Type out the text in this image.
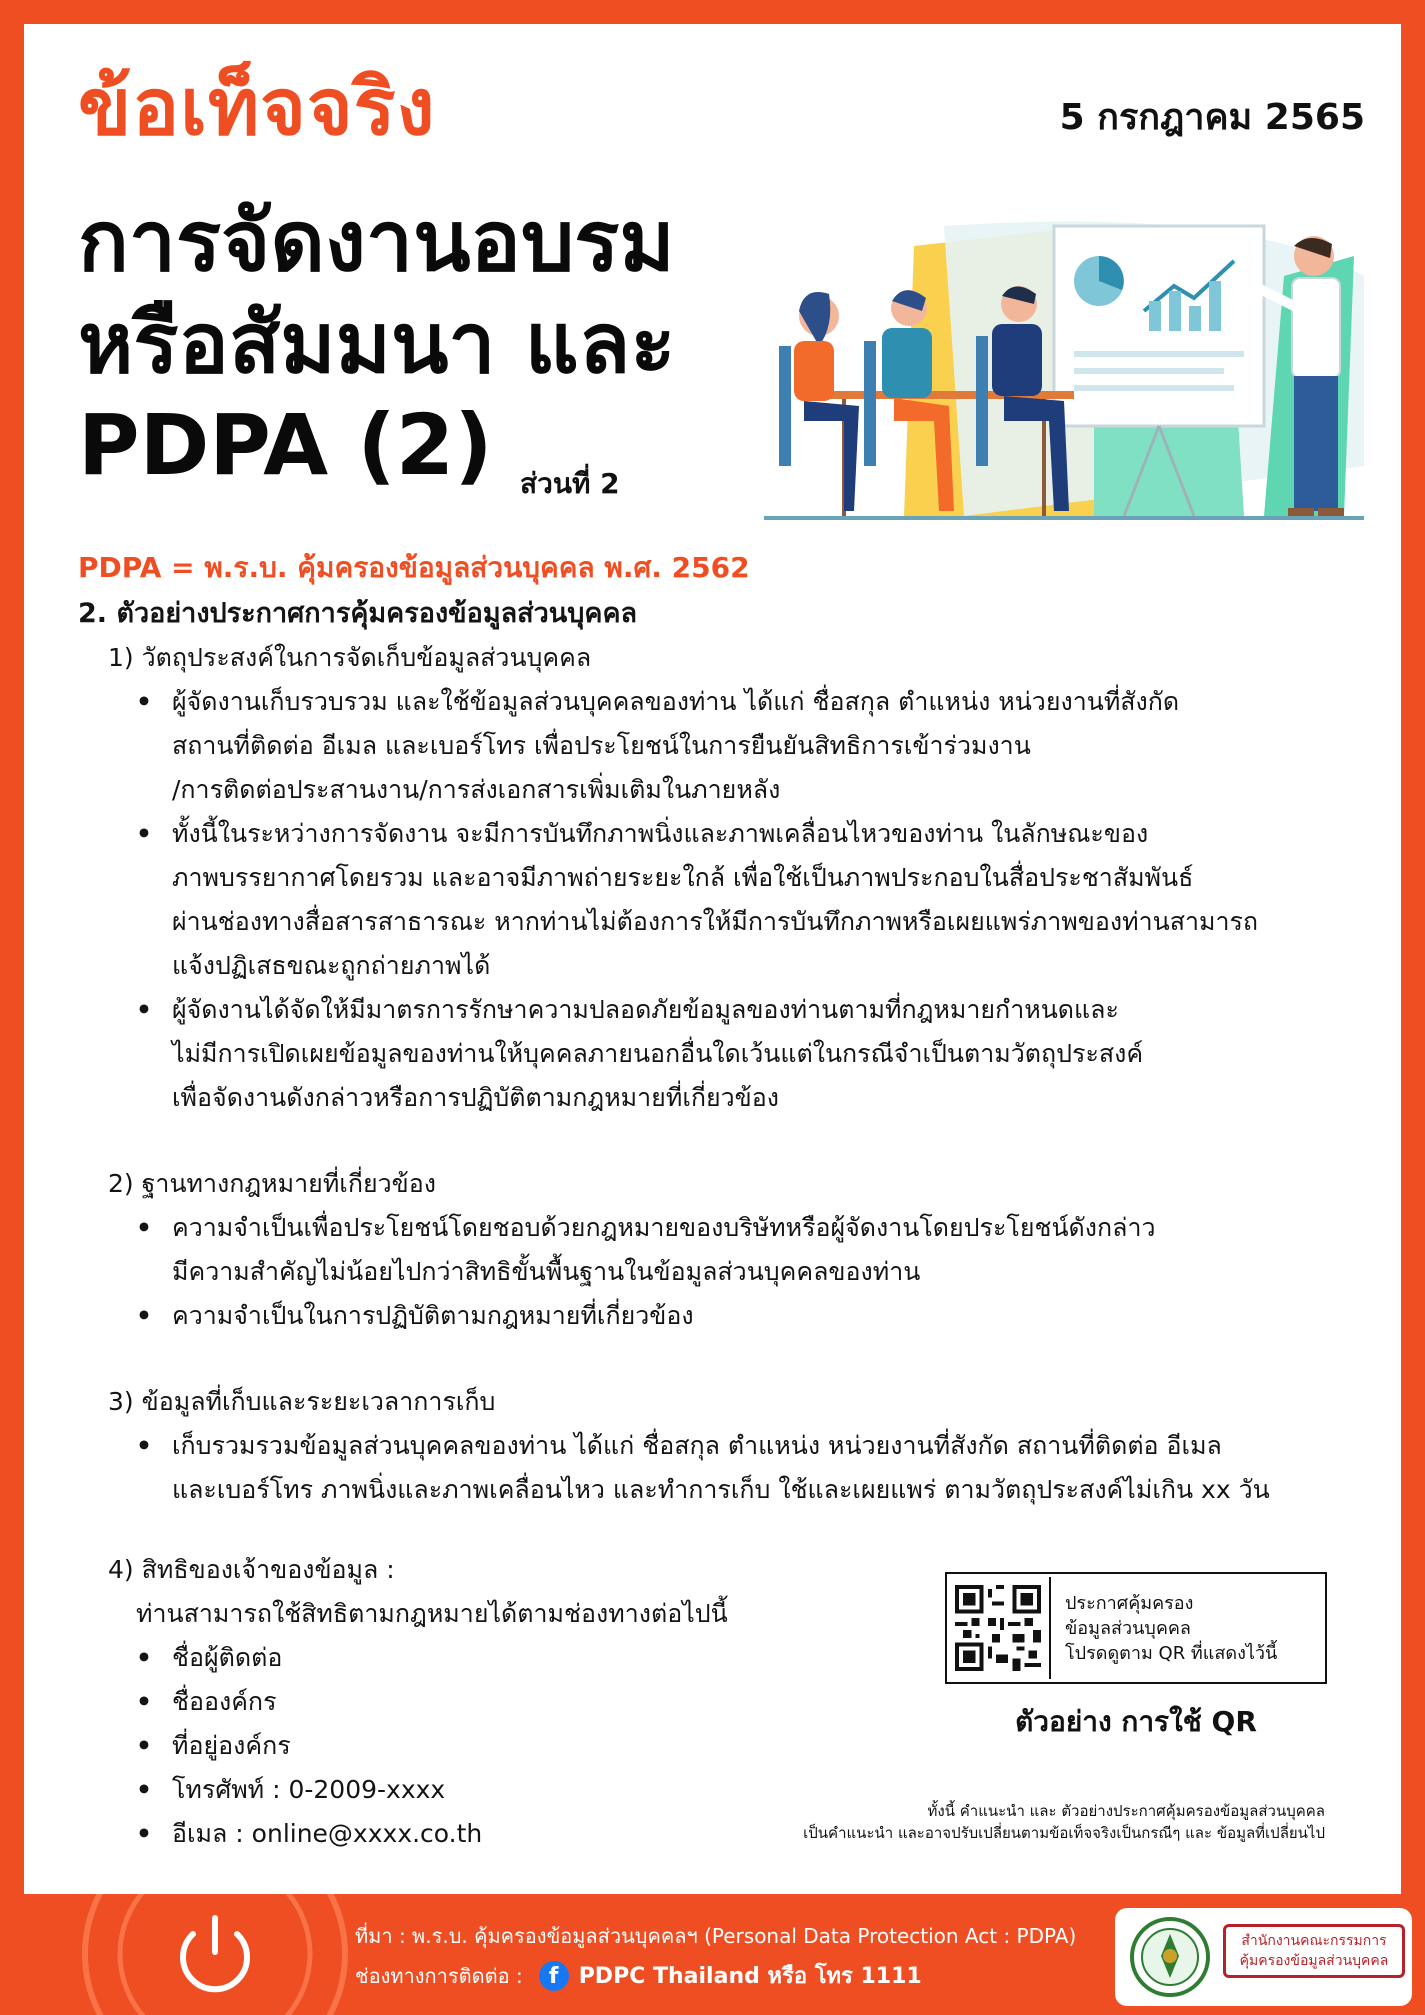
ข้อเท็จจริง	5 กรกฎาคม 2565
การจัดงานอบรม
หรือสัมมนา และ
PDPA (2) ส่วนที่ 2
PDPA = พ.ร.บ. คุ้มครองข้อมูลส่วนบุคคล พ.ศ. 2562
2. ตัวอย่างประกาศการคุ้มครองข้อมูลส่วนบุคคล
1) วัตถุประสงค์ในการจัดเก็บข้อมูลส่วนบุคคล
• ผู้จัดงานเก็บรวบรวม และใช้ข้อมูลส่วนบุคคลของท่าน ได้แก่ ชื่อสกุล ตำแหน่ง หน่วยงานที่สังกัด
สถานที่ติดต่อ อีเมล และเบอร์โทร เพื่อประโยชน์ในการยืนยันสิทธิการเข้าร่วมงาน
/การติดต่อประสานงาน/การส่งเอกสารเพิ่มเติมในภายหลัง
• ทั้งนี้ในระหว่างการจัดงาน จะมีการบันทึกภาพนิ่งและภาพเคลื่อนไหวของท่าน ในลักษณะของ
ภาพบรรยากาศโดยรวม และอาจมีภาพถ่ายระยะใกล้ เพื่อใช้เป็นภาพประกอบในสื่อประชาสัมพันธ์
ผ่านช่องทางสื่อสารสาธารณะ หากท่านไม่ต้องการให้มีการบันทึกภาพหรือเผยแพร่ภาพของท่านสามารถ
แจ้งปฏิเสธขณะถูกถ่ายภาพได้
• ผู้จัดงานได้จัดให้มีมาตรการรักษาความปลอดภัยข้อมูลของท่านตามที่กฎหมายกำหนดและ
ไม่มีการเปิดเผยข้อมูลของท่านให้บุคคลภายนอกอื่นใดเว้นแต่ในกรณีจำเป็นตามวัตถุประสงค์
เพื่อจัดงานดังกล่าวหรือการปฏิบัติตามกฎหมายที่เกี่ยวข้อง
2) ฐานทางกฎหมายที่เกี่ยวข้อง
• ความจำเป็นเพื่อประโยชน์โดยชอบด้วยกฎหมายของบริษัทหรือผู้จัดงานโดยประโยชน์ดังกล่าว
มีความสำคัญไม่น้อยไปกว่าสิทธิขั้นพื้นฐานในข้อมูลส่วนบุคคลของท่าน
• ความจำเป็นในการปฏิบัติตามกฎหมายที่เกี่ยวข้อง
3) ข้อมูลที่เก็บและระยะเวลาการเก็บ
• เก็บรวมรวมข้อมูลส่วนบุคคลของท่าน ได้แก่ ชื่อสกุล ตำแหน่ง หน่วยงานที่สังกัด สถานที่ติดต่อ อีเมล
และเบอร์โทร ภาพนิ่งและภาพเคลื่อนไหว และทำการเก็บ ใช้และเผยแพร่ ตามวัตถุประสงค์ไม่เกิน xx วัน
4) สิทธิของเจ้าของข้อมูล :
ท่านสามารถใช้สิทธิตามกฎหมายได้ตามช่องทางต่อไปนี้
• ชื่อผู้ติดต่อ
• ชื่อองค์กร
• ที่อยู่องค์กร
• โทรศัพท์ : 0-2009-xxxx
• อีเมล : online@xxxx.co.th
ประกาศคุ้มครอง
ข้อมูลส่วนบุคคล
โปรดดูตาม QR ที่แสดงไว้นี้
ตัวอย่าง การใช้ QR
ทั้งนี้ คำแนะนำ และ ตัวอย่างประกาศคุ้มครองข้อมูลส่วนบุคคล
เป็นคำแนะนำ และอาจปรับเปลี่ยนตามข้อเท็จจริงเป็นกรณีๆ และ ข้อมูลที่เปลี่ยนไป
ที่มา : พ.ร.บ. คุ้มครองข้อมูลส่วนบุคคลฯ (Personal Data Protection Act : PDPA)
ช่องทางการติดต่อ :	f PDPC Thailand หรือ โทร 1111
สำนักงานคณะกรรมการ
คุ้มครองข้อมูลส่วนบุคคล
